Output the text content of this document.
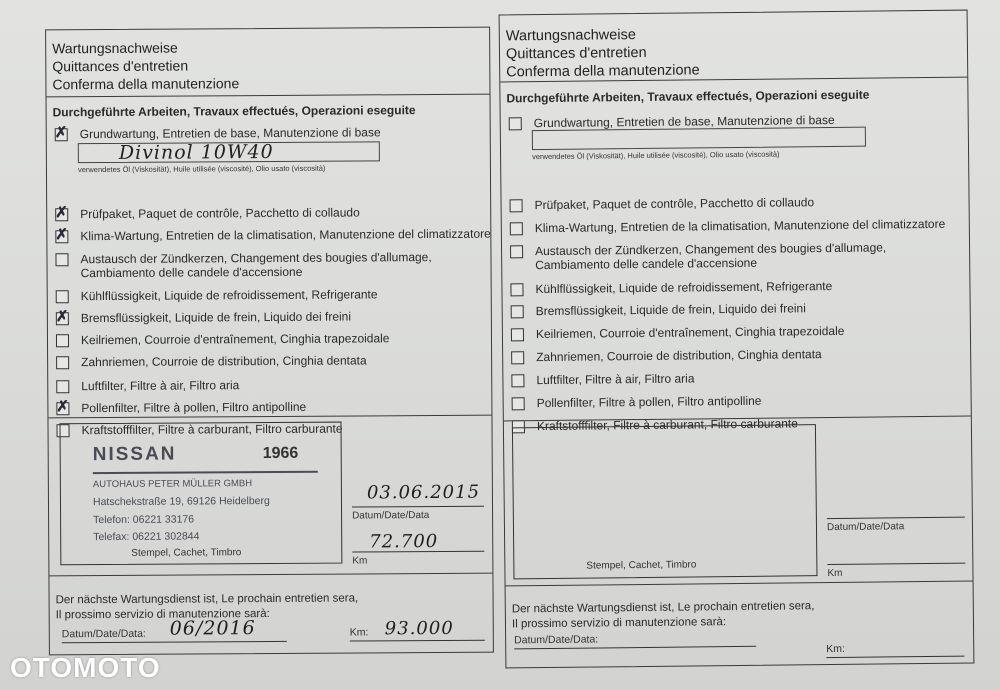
Wartungsnachweise
Quittances d'entretien
Conferma della manutenzione
Durchgeführte Arbeiten, Travaux effectués, Operazioni eseguite
✗ Grundwartung, Entretien de base, Manutenzione di base
✗ Prüfpaket, Paquet de contrôle, Pacchetto di collaudo
✗ Klima-Wartung, Entretien de la climatisation, Manutenzione del climatizzatore
Austausch der Zündkerzen, Changement des bougies d'allumage,
Cambiamento delle candele d'accensione
Kühlflüssigkeit, Liquide de refroidissement, Refrigerante
✗ Bremsflüssigkeit, Liquide de frein, Liquido dei freini
Keilriemen, Courroie d'entraînement, Cinghia trapezoidale
Zahnriemen, Courroie de distribution, Cinghia dentata
Luftfilter, Filtre à air, Filtro aria
✗ Pollenfilter, Filtre à pollen, Filtro antipolline
Kraftstofffilter, Filtre à carburant, Filtro carburante
Divinol 10W40
verwendetes Öl (Viskosität), Huile utilisée (viscosité), Olio usato (viscosità)
NISSAN	1966
AUTOHAUS PETER MÜLLER GMBH
Hatschekstraße 19, 69126 Heidelberg
Telefon: 06221 33176
Telefax: 06221 302844
Stempel, Cachet, Timbro
03.06.2015
Datum/Date/Data
72.700
Km
Der nächste Wartungsdienst ist, Le prochain entretien sera,
Il prossimo servizio di manutenzione sarà:
Datum/Date/Data: 06/2016	Km: 93.000
Wartungsnachweise
Quittances d'entretien
Conferma della manutenzione
Durchgeführte Arbeiten, Travaux effectués, Operazioni eseguite
Grundwartung, Entretien de base, Manutenzione di base
Prüfpaket, Paquet de contrôle, Pacchetto di collaudo
Klima-Wartung, Entretien de la climatisation, Manutenzione del climatizzatore
Austausch der Zündkerzen, Changement des bougies d'allumage,
Cambiamento delle candele d'accensione
Kühlflüssigkeit, Liquide de refroidissement, Refrigerante
Bremsflüssigkeit, Liquide de frein, Liquido dei freini
Keilriemen, Courroie d'entraînement, Cinghia trapezoidale
Zahnriemen, Courroie de distribution, Cinghia dentata
Luftfilter, Filtre à air, Filtro aria
Pollenfilter, Filtre à pollen, Filtro antipolline
Kraftstofffilter, Filtre à carburant, Filtro carburante
verwendetes Öl (Viskosität), Huile utilisée (viscosité), Olio usato (viscosità)
Stempel, Cachet, Timbro
Datum/Date/Data
Km
Der nächste Wartungsdienst ist, Le prochain entretien sera,
Il prossimo servizio di manutenzione sarà:
Datum/Date/Data:
Km:
OTOMOTO
